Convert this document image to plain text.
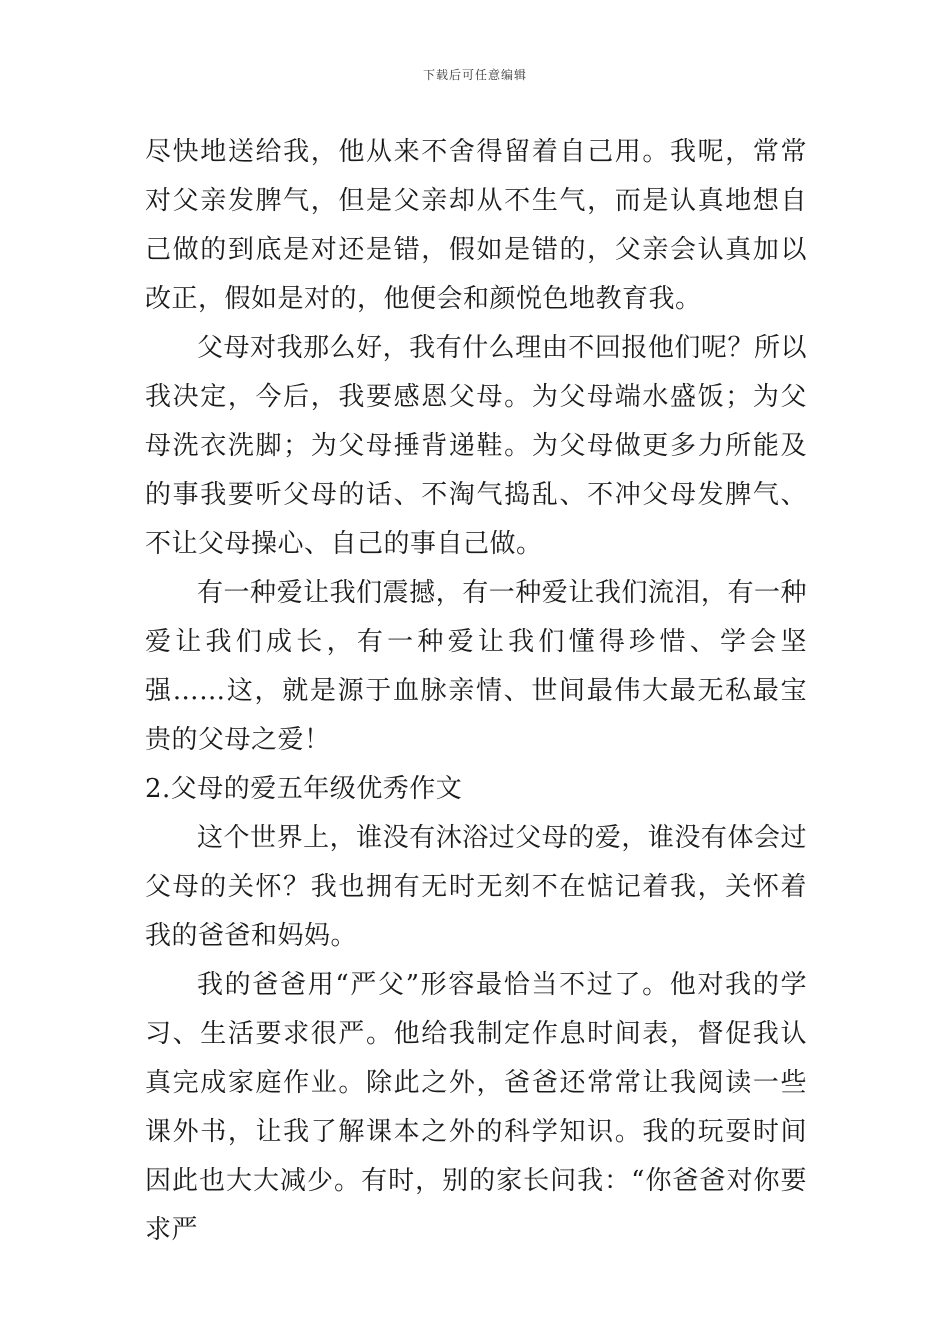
下载后可任意编辑

尽快地送给我，他从来不舍得留着自己用。我呢，常常对父亲发脾气，但是父亲却从不生气，而是认真地想自己做的到底是对还是错，假如是错的，父亲会认真加以改正，假如是对的，他便会和颜悦色地教育我。

父母对我那么好，我有什么理由不回报他们呢？所以我决定，今后，我要感恩父母。为父母端水盛饭；为父母洗衣洗脚；为父母捶背递鞋。为父母做更多力所能及的事我要听父母的话、不淘气捣乱、不冲父母发脾气、不让父母操心、自己的事自己做。

有一种爱让我们震撼，有一种爱让我们流泪，有一种爱让我们成长，有一种爱让我们懂得珍惜、学会坚强……这，就是源于血脉亲情、世间最伟大最无私最宝贵的父母之爱！

2.父母的爱五年级优秀作文

这个世界上，谁没有沐浴过父母的爱，谁没有体会过父母的关怀？我也拥有无时无刻不在惦记着我，关怀着我的爸爸和妈妈。

我的爸爸用“严父”形容最恰当不过了。他对我的学习、生活要求很严。他给我制定作息时间表，督促我认真完成家庭作业。除此之外，爸爸还常常让我阅读一些课外书，让我了解课本之外的科学知识。我的玩耍时间因此也大大减少。有时，别的家长问我：“你爸爸对你要求严
